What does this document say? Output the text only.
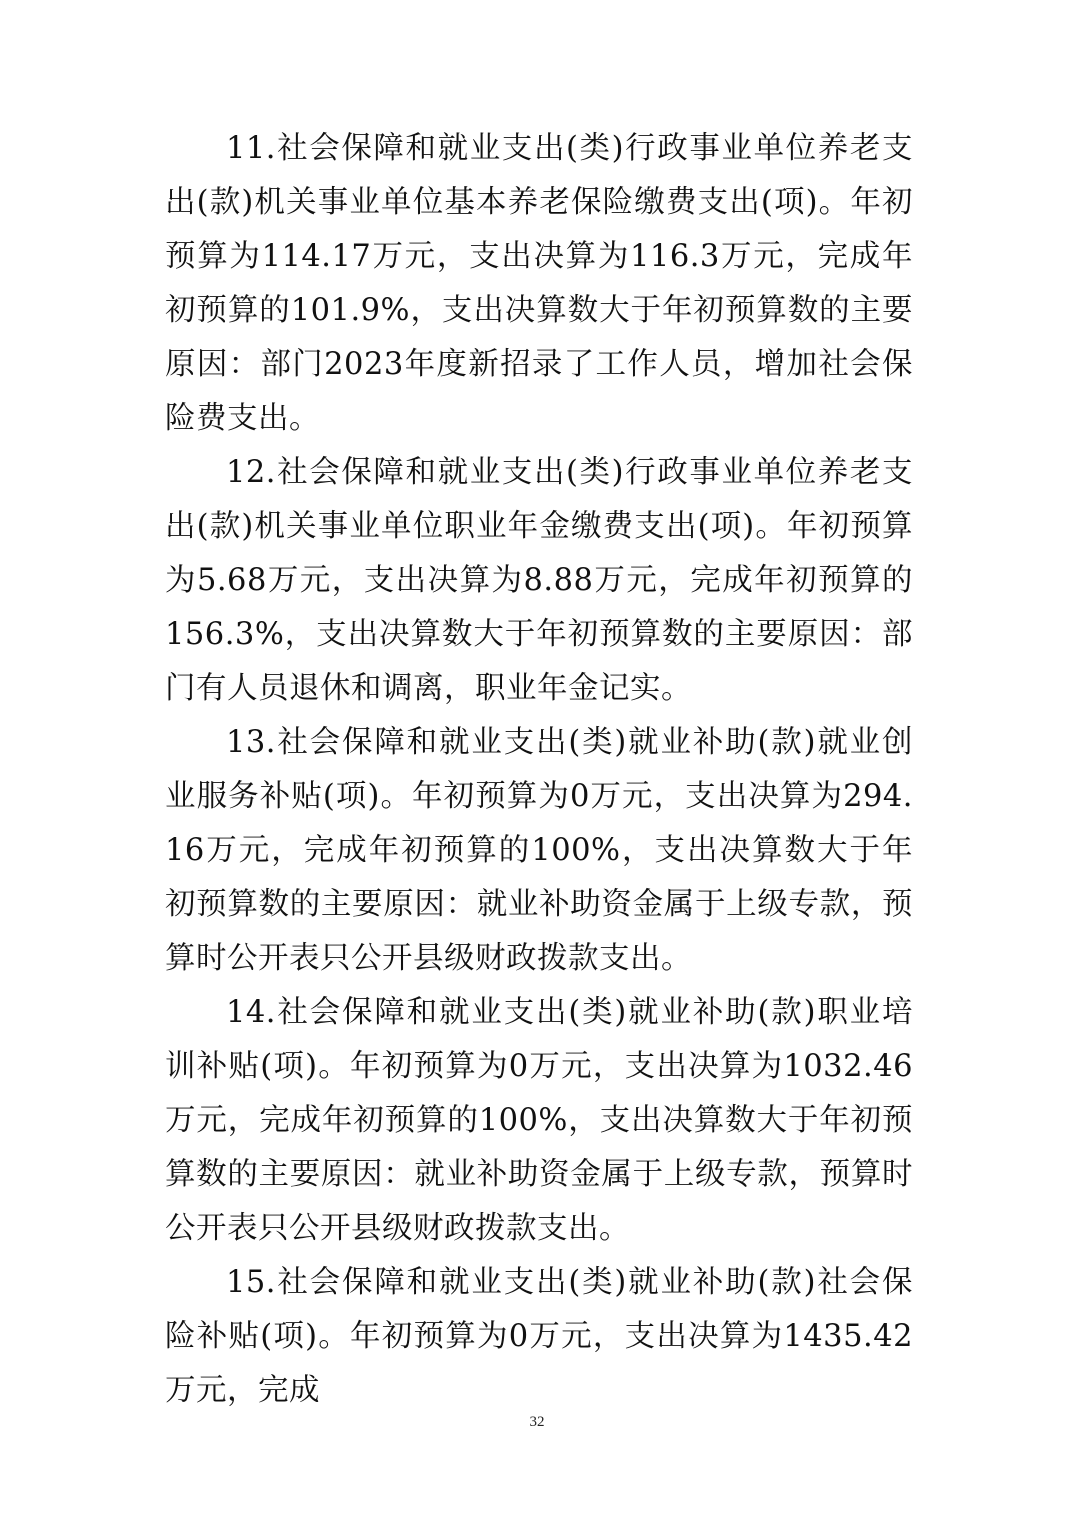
11.社会保障和就业支出(类)行政事业单位养老支出(款)机关事业单位基本养老保险缴费支出(项)。年初预算为114.17万元，支出决算为116.3万元，完成年初预算的101.9%，支出决算数大于年初预算数的主要原因：部门2023年度新招录了工作人员，增加社会保险费支出。

12.社会保障和就业支出(类)行政事业单位养老支出(款)机关事业单位职业年金缴费支出(项)。年初预算为5.68万元，支出决算为8.88万元，完成年初预算的156.3%，支出决算数大于年初预算数的主要原因：部门有人员退休和调离，职业年金记实。

13.社会保障和就业支出(类)就业补助(款)就业创业服务补贴(项)。年初预算为0万元，支出决算为294.16万元，完成年初预算的100%，支出决算数大于年初预算数的主要原因：就业补助资金属于上级专款，预算时公开表只公开县级财政拨款支出。

14.社会保障和就业支出(类)就业补助(款)职业培训补贴(项)。年初预算为0万元，支出决算为1032.46万元，完成年初预算的100%，支出决算数大于年初预算数的主要原因：就业补助资金属于上级专款，预算时公开表只公开县级财政拨款支出。

15.社会保障和就业支出(类)就业补助(款)社会保险补贴(项)。年初预算为0万元，支出决算为1435.42万元，完成

32
